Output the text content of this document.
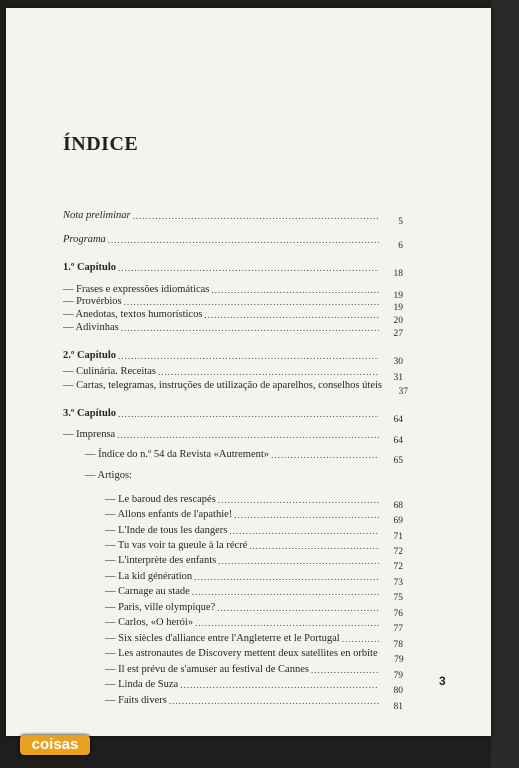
ÍNDICE
Nota preliminar
.....
5
Programa
.....
6
1.º Capítulo
.....
18
— Frases e expressões idiomáticas
.....
19
— Provérbios
.....
19
— Anedotas, textos humorísticos
.....
20
— Adivinhas
.....
27
2.º Capítulo
.....
30
— Culinária. Receitas
.....
31
— Cartas, telegramas, instruções de utilização de aparelhos, conselhos úteis
37
3.º Capítulo
.....
64
— Imprensa
.....
64
— Índice do n.º 54 da Revista «Autrement»
.....
65
— Artigos:
— Le baroud des rescapés
.....
68
— Allons enfants de l'apathie!
.....
69
— L'Inde de tous les dangers
.....
71
— Tu vas voir ta gueule à la récré
.....
72
— L'interprète des enfants
.....
72
— La kid génération
.....
73
— Carnage au stade
.....
75
— Paris, ville olympique?
.....
76
— Carlos, «O herói»
.....
77
— Six siècles d'alliance entre l'Angleterre et le Portugal
.....
78
— Les astronautes de Discovery mettent deux satellites en orbite
79
— Il est prévu de s'amuser au festival de Cannes
.....
79
— Linda de Suza
.....
80
— Faits divers
.....
81
3
coisas
